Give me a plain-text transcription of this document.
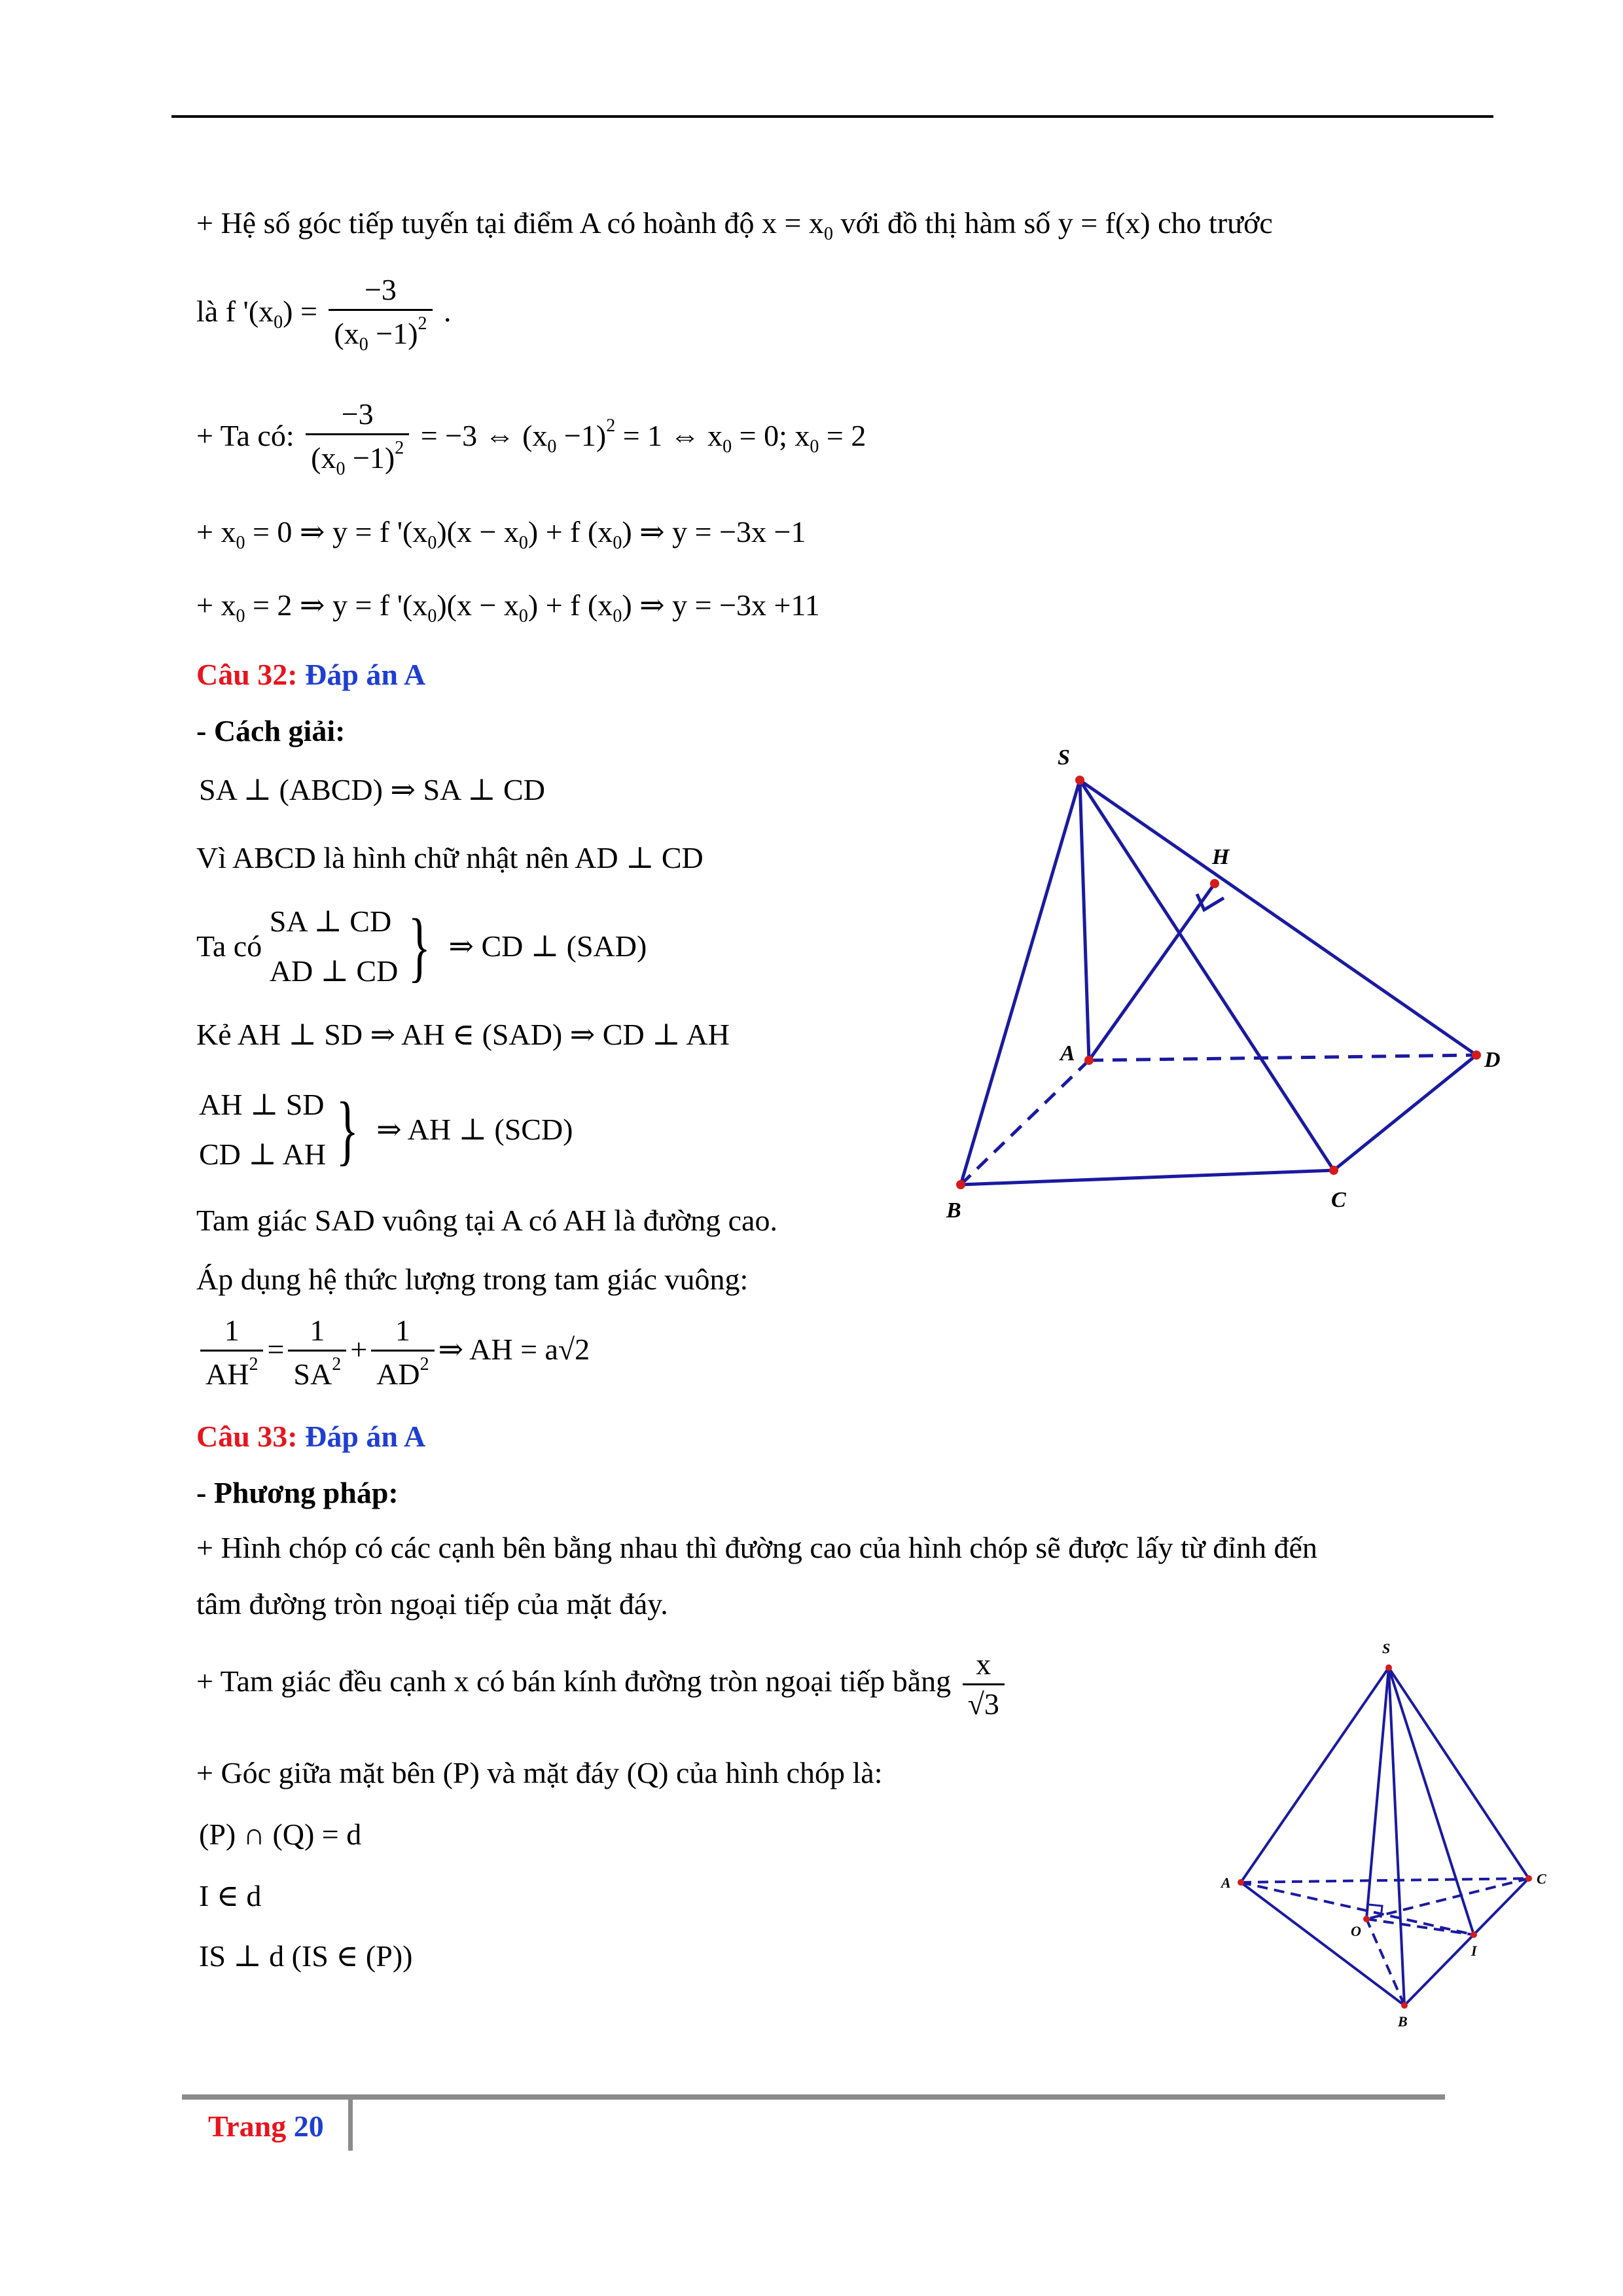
+ Hệ số góc tiếp tuyến tại điểm A có hoành độ $x = x_0$ với đồ thị hàm số y = f(x) cho trước
là f '$(x_0) = \frac{-3}{(x_0 -1)^2}$ .
+ Ta có: $\frac{-3}{(x_0 -1)^2} = -3$ ⇔ $(x_0 -1)^2 = 1$ ⇔ $x_0 = 0$; $x_0 = 2$
+ $x_0 = 0$ ⇒ y = f '$(x_0)(x - x_0) + f$ $(x_0)$ ⇒ y = −3x −1
+ $x_0 = 2$ ⇒ y = f '$(x_0)(x - x_0) + f$ $(x_0)$ ⇒ y = −3x +11
Câu 32: Đáp án A
- Cách giải:
SA ⊥ (ABCD) ⇒ SA ⊥ CD
Vì ABCD là hình chữ nhật nên AD ⊥ CD
Ta có
SA ⊥ CD
AD ⊥ CD } ⇒ CD ⊥ (SAD)
Kẻ AH ⊥ SD ⇒ AH ∈ (SAD) ⇒ CD ⊥ AH
AH ⊥ SD
CD ⊥ AH } ⇒ AH ⊥ (SCD)
Tam giác SAD vuông tại A có AH là đường cao.
Áp dụng hệ thức lượng trong tam giác vuông:
$\frac{1}{AH^2} = \frac{1}{SA^2} + \frac{1}{AD^2}$ ⇒ AH = a√2
Câu 33: Đáp án A
- Phương pháp:
+ Hình chóp có các cạnh bên bằng nhau thì đường cao của hình chóp sẽ được lấy từ đỉnh đến
tâm đường tròn ngoại tiếp của mặt đáy.
+ Tam giác đều cạnh x có bán kính đường tròn ngoại tiếp bằng $\frac{x}{√3}$
+ Góc giữa mặt bên (P) và mặt đáy (Q) của hình chóp là:
(P) ∩ (Q) = d
I ∈ d
IS ⊥ d (IS ∈ (P))
S
H
A	D
B	C
S
A	C
O
I
B
Trang 20
